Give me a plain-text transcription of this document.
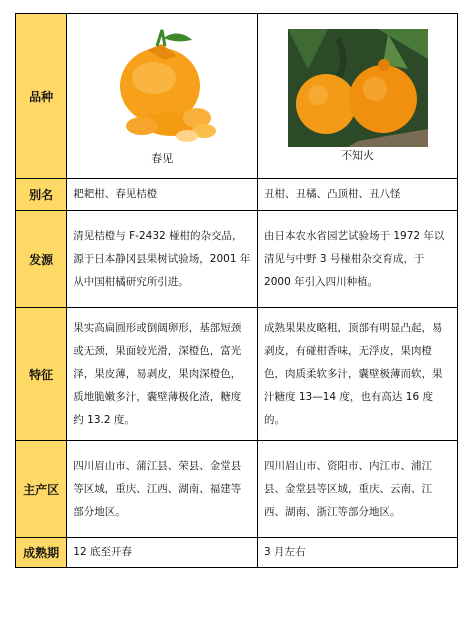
品种	春见	不知火

别名	耙耙柑、春见桔橙	丑柑、丑橘、凸顶柑、丑八怪
发源	清见桔橙与 F-2432 椪柑的杂交品，源于日本静冈县果树试验场，2001 年从中国柑橘研究所引进。	由日本农水省园艺试验场于 1972 年以清见与中野 3 号椪柑杂交育成，于 2000 年引入四川种植。
特征	果实高扁圆形或倒阔卵形，基部短颈或无颈，果面较光滑，深橙色，富光泽，果皮薄，易剥皮，果肉深橙色，质地脆嫩多汁，囊壁薄极化渣，糖度约 13.2 度。	成熟果果皮略粗，顶部有明显凸起，易剥皮，有碰柑香味，无浮皮，果肉橙色，肉质柔软多汁，囊壁极薄而软，果汁糖度 13—14 度，也有高达 16 度的。
主产区	四川眉山市、蒲江县、荣县、金堂县等区域，重庆、江西、湖南、福建等部分地区。	四川眉山市、资阳市、内江市、浦江县、金堂县等区域，重庆、云南、江西、湖南、浙江等部分地区。
成熟期	12 底至开春	3 月左右
